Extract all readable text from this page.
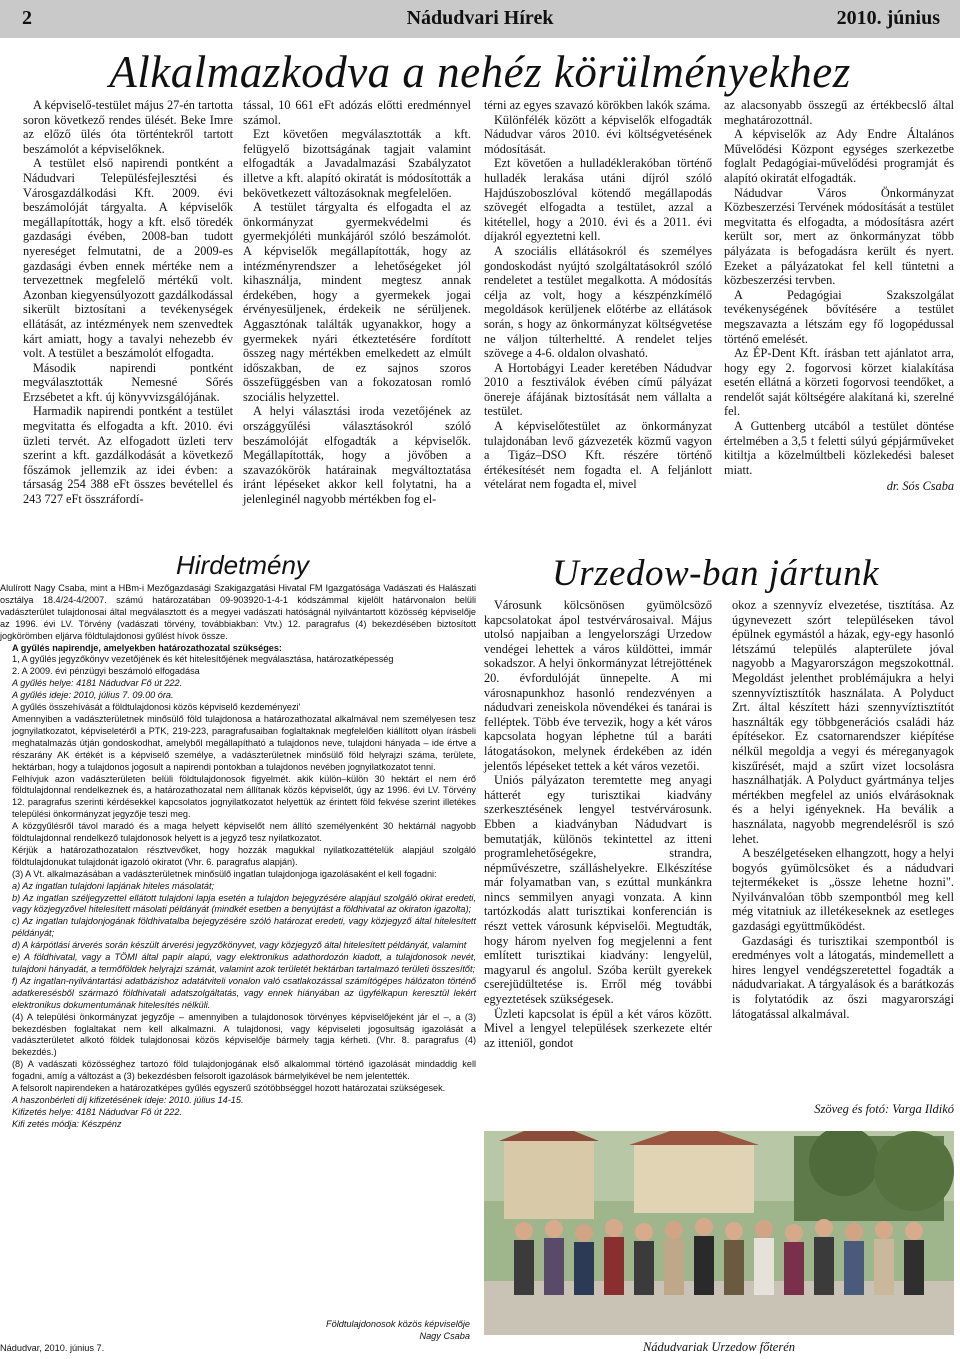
2	Nádudvari Hírek	2010. június
Alkalmazkodva a nehéz körülményekhez

A képviselő-testület május 27-én tartotta soron következő rendes ülését. Beke Imre az előző ülés óta történtekről tartott beszámolót a képviselőknek.

A testület első napirendi pontként a Nádudvari Településfejlesztési és Városgazdálkodási Kft. 2009. évi beszámolóját tárgyalta. A képviselők megállapították, hogy a kft. első töredék gazdasági évében, 2008-ban tudott nyereséget felmutatni, de a 2009-es gazdasági évben ennek mértéke nem a tervezettnek megfelelő mértékű volt. Azonban kiegyensúlyozott gazdálkodással sikerült biztosítani a tevékenységek ellátását, az intézmények nem szenvedtek kárt amiatt, hogy a tavalyi nehezebb év volt. A testület a beszámolót elfogadta.

Második napirendi pontként megválasztották Nemesné Sőrés Erzsébetet a kft. új könyvvizsgálójának.

Harmadik napirendi pontként a testület megvitatta és elfogadta a kft. 2010. évi üzleti tervét. Az elfogadott üzleti terv szerint a kft. gazdálkodását a következő főszámok jellemzik az idei évben: a társaság 254 388 eFt összes bevétellel és 243 727 eFt összráfordí-

tással, 10 661 eFt adózás előtti eredménnyel számol.

Ezt követően megválasztották a kft. felügyelő bizottságának tagjait valamint elfogadták a Javadalmazási Szabályzatot illetve a kft. alapító okiratát is módosították a bekövetkezett változásoknak megfelelően.

A testület tárgyalta és elfogadta el az önkormányzat gyermekvédelmi és gyermekjóléti munkájáról szóló beszámolót. A képviselők megállapították, hogy az intézményrendszer a lehetőségeket jól kihasználja, mindent megtesz annak érdekében, hogy a gyermekek jogai érvényesüljenek, érdekeik ne sérüljenek. Aggasztónak találták ugyanakkor, hogy a gyermekek nyári étkeztetésére fordított összeg nagy mértékben emelkedett az elmúlt időszakban, de ez sajnos szoros összefüggésben van a fokozatosan romló szociális helyzettel.

A helyi választási iroda vezetőjének az országgyűlési választásokról szóló beszámolóját elfogadták a képviselők. Megállapították, hogy a jövőben a szavazókörök határainak megváltoztatása iránt lépéseket akkor kell folytatni, ha a jelenleginél nagyobb mértékben fog el-

térni az egyes szavazó körökben lakók száma.

Különfélék között a képviselők elfogadták Nádudvar város 2010. évi költségvetésének módosítását.

Ezt követően a hulladéklerakóban történő hulladék lerakása utáni díjról szóló Hajdúszoboszlóval kötendő megállapodás szövegét elfogadta a testület, azzal a kitétellel, hogy a 2010. évi és a 2011. évi díjakról egyeztetni kell.

A szociális ellátásokról és személyes gondoskodást nyújtó szolgáltatásokról szóló rendeletet a testület megalkotta. A módosítás célja az volt, hogy a készpénzkímélő megoldások kerüljenek előtérbe az ellátások során, s hogy az önkormányzat költségvetése ne váljon túlterheltté. A rendelet teljes szövege a 4-6. oldalon olvasható.

A Hortobágyi Leader keretében Nádudvar 2010 a fesztiválok évében című pályázat önereje áfájának biztosítását nem vállalta a testület.

A képviselőtestület az önkormányzat tulajdonában levő gázvezeték közmű vagyon a Tigáz–DSO Kft. részére történő értékesítését nem fogadta el. A feljánlott vételárat nem fogadta el, mivel

az alacsonyabb összegű az értékbecslő által meghatározottnál.

A képviselők az Ady Endre Általános Művelődési Központ egységes szerkezetbe foglalt Pedagógiai-művelődési programját és alapító okiratát elfogadták.

Nádudvar Város Önkormányzat Közbeszerzési Tervének módosítását a testület megvitatta és elfogadta, a módosításra azért került sor, mert az önkormányzat több pályázata is befogadásra került és nyert. Ezeket a pályázatokat fel kell tüntetni a közbeszerzési tervben.

A Pedagógiai Szakszolgálat tevékenységének bővítésére a testület megszavazta a létszám egy fő logopédussal történő emelését.

Az ÉP-Dent Kft. írásban tett ajánlatot arra, hogy egy 2. fogorvosi körzet kialakítása esetén ellátná a körzeti fogorvosi teendőket, a rendelőt saját költségére alakítaná ki, szerelné fel.

A Guttenberg utcából a testület döntése értelmében a 3,5 t feletti súlyú gépjárműveket kitiltja a közelmúltbeli közlekedési baleset miatt.

dr. Sós Csaba
Hirdetmény

Alulírott Nagy Csaba, mint a HBm-i Mezőgazdasági Szakigazgatási Hivatal FM Igazgatósága Vadászati és Halászati osztálya 18.4/24-4/2007. számú határozatában 09-903920-1-4-1 kódszámmal kijelölt határvonalon belüli vadászterület tulajdonosai által megválasztott és a megyei vadászati hatóságnál nyilvántartott közösség képviselője az 1996. évi LV. Törvény (vadászati törvény, továbbiakban: Vtv.) 12. paragrafus (4) bekezdésében biztosított jogkörömben eljárva földtulajdonosi gyűlést hívok össze.

A gyűlés napirendje, amelyekben határozathozatal szükséges:

1, A gyűlés jegyzőkönyv vezetőjének és két hitelesítőjének megválasztása, határozatképesség

2. A 2009. évi pénzügyi beszámoló elfogadása

A gyűlés helye: 4181 Nádudvar Fő út 222.

A gyűlés ideje: 2010, július 7. 09.00 óra.

A gyűlés összehívását a földtulajdonosi közös képviselő kezdeményezi'

Amennyiben a vadászterületnek minősülő föld tulajdonosa a határozathozatal alkalmával nem személyesen tesz jognyilatkozatot, képviseletéről a PTK, 219-223, paragrafusaiban foglaltaknak megfelelően kiállított olyan írásbeli meghatalmazás útján gondoskodhat, amelyből megállapítható a tulajdonos neve, tulajdoni hányada – ide értve a részarány AK értékét is a képviselő személye, a vadászterületnek minősülő föld helyrajzi száma, területe, hektárban, hogy a tulajdonos jogosult a napirendi pontokban a tulajdonos nevében jognyilatkozatot tenni.

Felhívjuk azon vadászterületen belüli földtulajdonosok figyelmét. akik külön–külön 30 hektárt el nem érő földtulajdonnal rendelkeznek és, a határozathozatal nem állítanak közös képviselőt, úgy az 1996. évi LV. Törvény 12. paragrafus szerinti kérdésekkel kapcsolatos jognyilatkozatot helyettük az érintett föld fekvése szerint illetékes települési önkormányzat jegyzője teszi meg.

A közgyűlésről távol maradó és a maga helyett képviselőt nem állító személyenként 30 hektárnál nagyobb földtulajdonnal rendelkező tulajdonosok helyett is a jegyző tesz nyilatkozatot.

Kérjük a határozathozatalon résztvevőket, hogy hozzák magukkal nyilatkozattételük alapjául szolgáló földtulajdonukat tulajdonát igazoló okiratot (Vhr. 6. paragrafus alapján).

(3) A Vt. alkalmazásában a vadászterületnek minősülő ingatlan tulajdonjoga igazolásaként el kell fogadni:

a) Az ingatlan tulajdoni lapjának hiteles másolatát;

b) Az ingatlan széljegyzettel ellátott tulajdoni lapja esetén a tulajdon bejegyzésére alapjául szolgáló okirat eredeti, vagy közjegyzővel hitelesített másolati példányát (mindkét esetben a benyújtást a földhivatal az okiraton igazolta);

c) Az ingatlan tulajdonjogának földhivatalba bejegyzésére szóló határozat eredeti, vagy közjegyző által hitelesített példányát;

d) A kárpótlási árverés során készült árverési jegyzőkönyvet, vagy közjegyző által hitelesített példányát, valamint

e) A földhivatal, vagy a TÖMI által papír alapú, vagy elektronikus adathordozón kiadott, a tulajdonosok nevét, tulajdoni hányadát, a termőföldek helyrajzi számát, valamint azok területét hektárban tartalmazó területi összesítőt;

f) Az ingatlan-nyilvántartási adatbázishoz adatátviteli vonalon való csatlakozással számítógépes hálózaton történő adatkeresésből származó földhivatali adatszolgáltatás, vagy ennek hiányában az ügyfélkapun keresztül lekért elektronikus dokumentumának hitelesítés nélküli.

(4) A települési önkormányzat jegyzője – amennyiben a tulajdonosok törvényes képviselőjeként jár el –, a (3) bekezdésben foglaltakat nem kell alkalmazni. A tulajdonosi, vagy képviseleti jogosultság igazolását a vadászterületet alkotó földek tulajdonosai közös képviselője bármely tagja kérheti. (Vhr. 8. paragrafus (4) bekezdés.)

(8) A vadászati közösséghez tartozó föld tulajdonjogának első alkalommal történő igazolását mindaddig kell fogadni, amíg a változást a (3) bekezdésben felsorolt igazolások bármelyikével be nem jelentették.

A felsorolt napirendeken a határozatképes gyűlés egyszerű szótöbbséggel hozott határozatai szükségesek.

A haszonbérleti díj kifizetésének ideje: 2010. július 14-15.

Kifizetés helye: 4181 Nádudvar Fő út 222.

Kifi zetés módja: Készpénz

Földtulajdonosok közös képviselője
Nagy Csaba
Nádudvar, 2010. június 7.
Urzedow-ban jártunk

Városunk kölcsönösen gyümölcsöző kapcsolatokat ápol testvérvárosaival. Május utolsó napjaiban a lengyelországi Urzedow vendégei lehettek a város küldöttei, immár sokadszor. A helyi önkormányzat létrejöttének 20. évfordulóját ünnepelte. A mi városnapunkhoz hasonló rendezvényen a nádudvari zeneiskola növendékei és tanárai is felléptek. Több éve tervezik, hogy a két város kapcsolata hogyan léphetne túl a baráti látogatásokon, melynek érdekében az idén jelentős lépéseket tettek a két város vezetői.

Uniós pályázaton teremtette meg anyagi hátterét egy turisztikai kiadvány szerkesztésének lengyel testvérvárosunk. Ebben a kiadványban Nádudvart is bemutatják, különös tekintettel az itteni programlehetőségekre, strandra, népművészetre, szálláshelyekre. Elkészítése már folyamatban van, s ezúttal munkánkra nincs semmilyen anyagi vonzata. A kinn tartózkodás alatt turisztikai konferencián is részt vettek városunk képviselői. Megtudták, hogy három nyelven fog megjelenni a fent említett turisztikai kiadvány: lengyelül, magyarul és angolul. Szóba került gyerekek cserejüdültetése is. Erről még további egyeztetések szükségesek.

Üzleti kapcsolat is épül a két város között. Mivel a lengyel települések szerkezete eltér az itteniől, gondot

okoz a szennyvíz elvezetése, tisztítása. Az úgynevezett szórt településeken távol épülnek egymástól a házak, egy-egy hasonló létszámú település alapterülete jóval nagyobb a Magyarországon megszokottnál. Megoldást jelenthet problémájukra a helyi szennyvíztisztítók használata. A Polyduct Zrt. által készített házi szennyvíztisztítót használták egy többgenerációs családi ház építésekor. Ez csatornarendszer kiépítése nélkül megoldja a vegyi és méreganyagok kiszűrését, majd a szűrt vizet locsolásra használhatják. A Polyduct gyártmánya teljes mértékben megfelel az uniós elvárásoknak és a helyi igényeknek. Ha beválik a használata, nagyobb megrendelésről is szó lehet.

A beszélgetéseken elhangzott, hogy a helyi bogyós gyümölcsöket és a nádudvari tejtermékeket is „össze lehetne hozni". Nyilvánvalóan több szempontból meg kell még vitatniuk az illetékeseknek az esetleges gazdasági együttműködést.

Gazdasági és turisztikai szempontból is eredményes volt a látogatás, mindemellett a hires lengyel vendégszeretettel fogadták a nádudvariakat. A tárgyalások és a barátkozás is folytatódik az őszi magyarországi látogatással alkalmával.

Szöveg és fotó: Varga Ildikó
Nádudvariak Urzedow főterén
